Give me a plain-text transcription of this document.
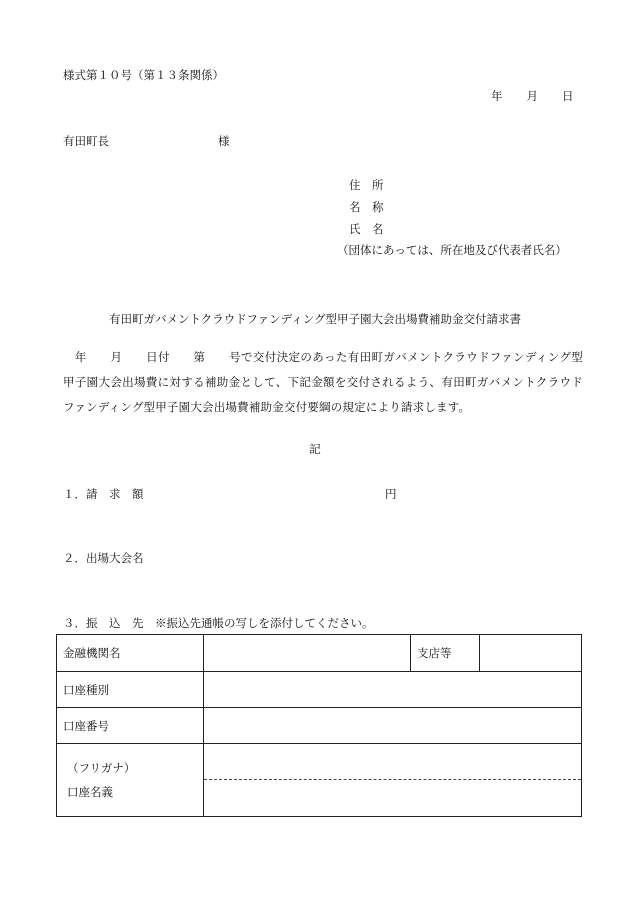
様式第１０号（第１３条関係）
年 月 日
有田町長	様
住　所
名　称
氏　名
（団体にあっては、所在地及び代表者氏名）
有田町ガバメントクラウドファンディング型甲子園大会出場費補助金交付請求書
　年　　月　　日付　　第　　号で交付決定のあった有田町ガバメントクラウドファンディング型甲子園大会出場費に対する補助金として、下記金額を交付されるよう、有田町ガバメントクラウドファンディング型甲子園大会出場費補助金交付要綱の規定により請求します。
記
１．請　求　額	円
２．出場大会名
３．振　込　先　※振込先通帳の写しを添付してください。
金融機関名		支店等	
口座種別			
口座番号			

（フリガナ）
口座名義			
